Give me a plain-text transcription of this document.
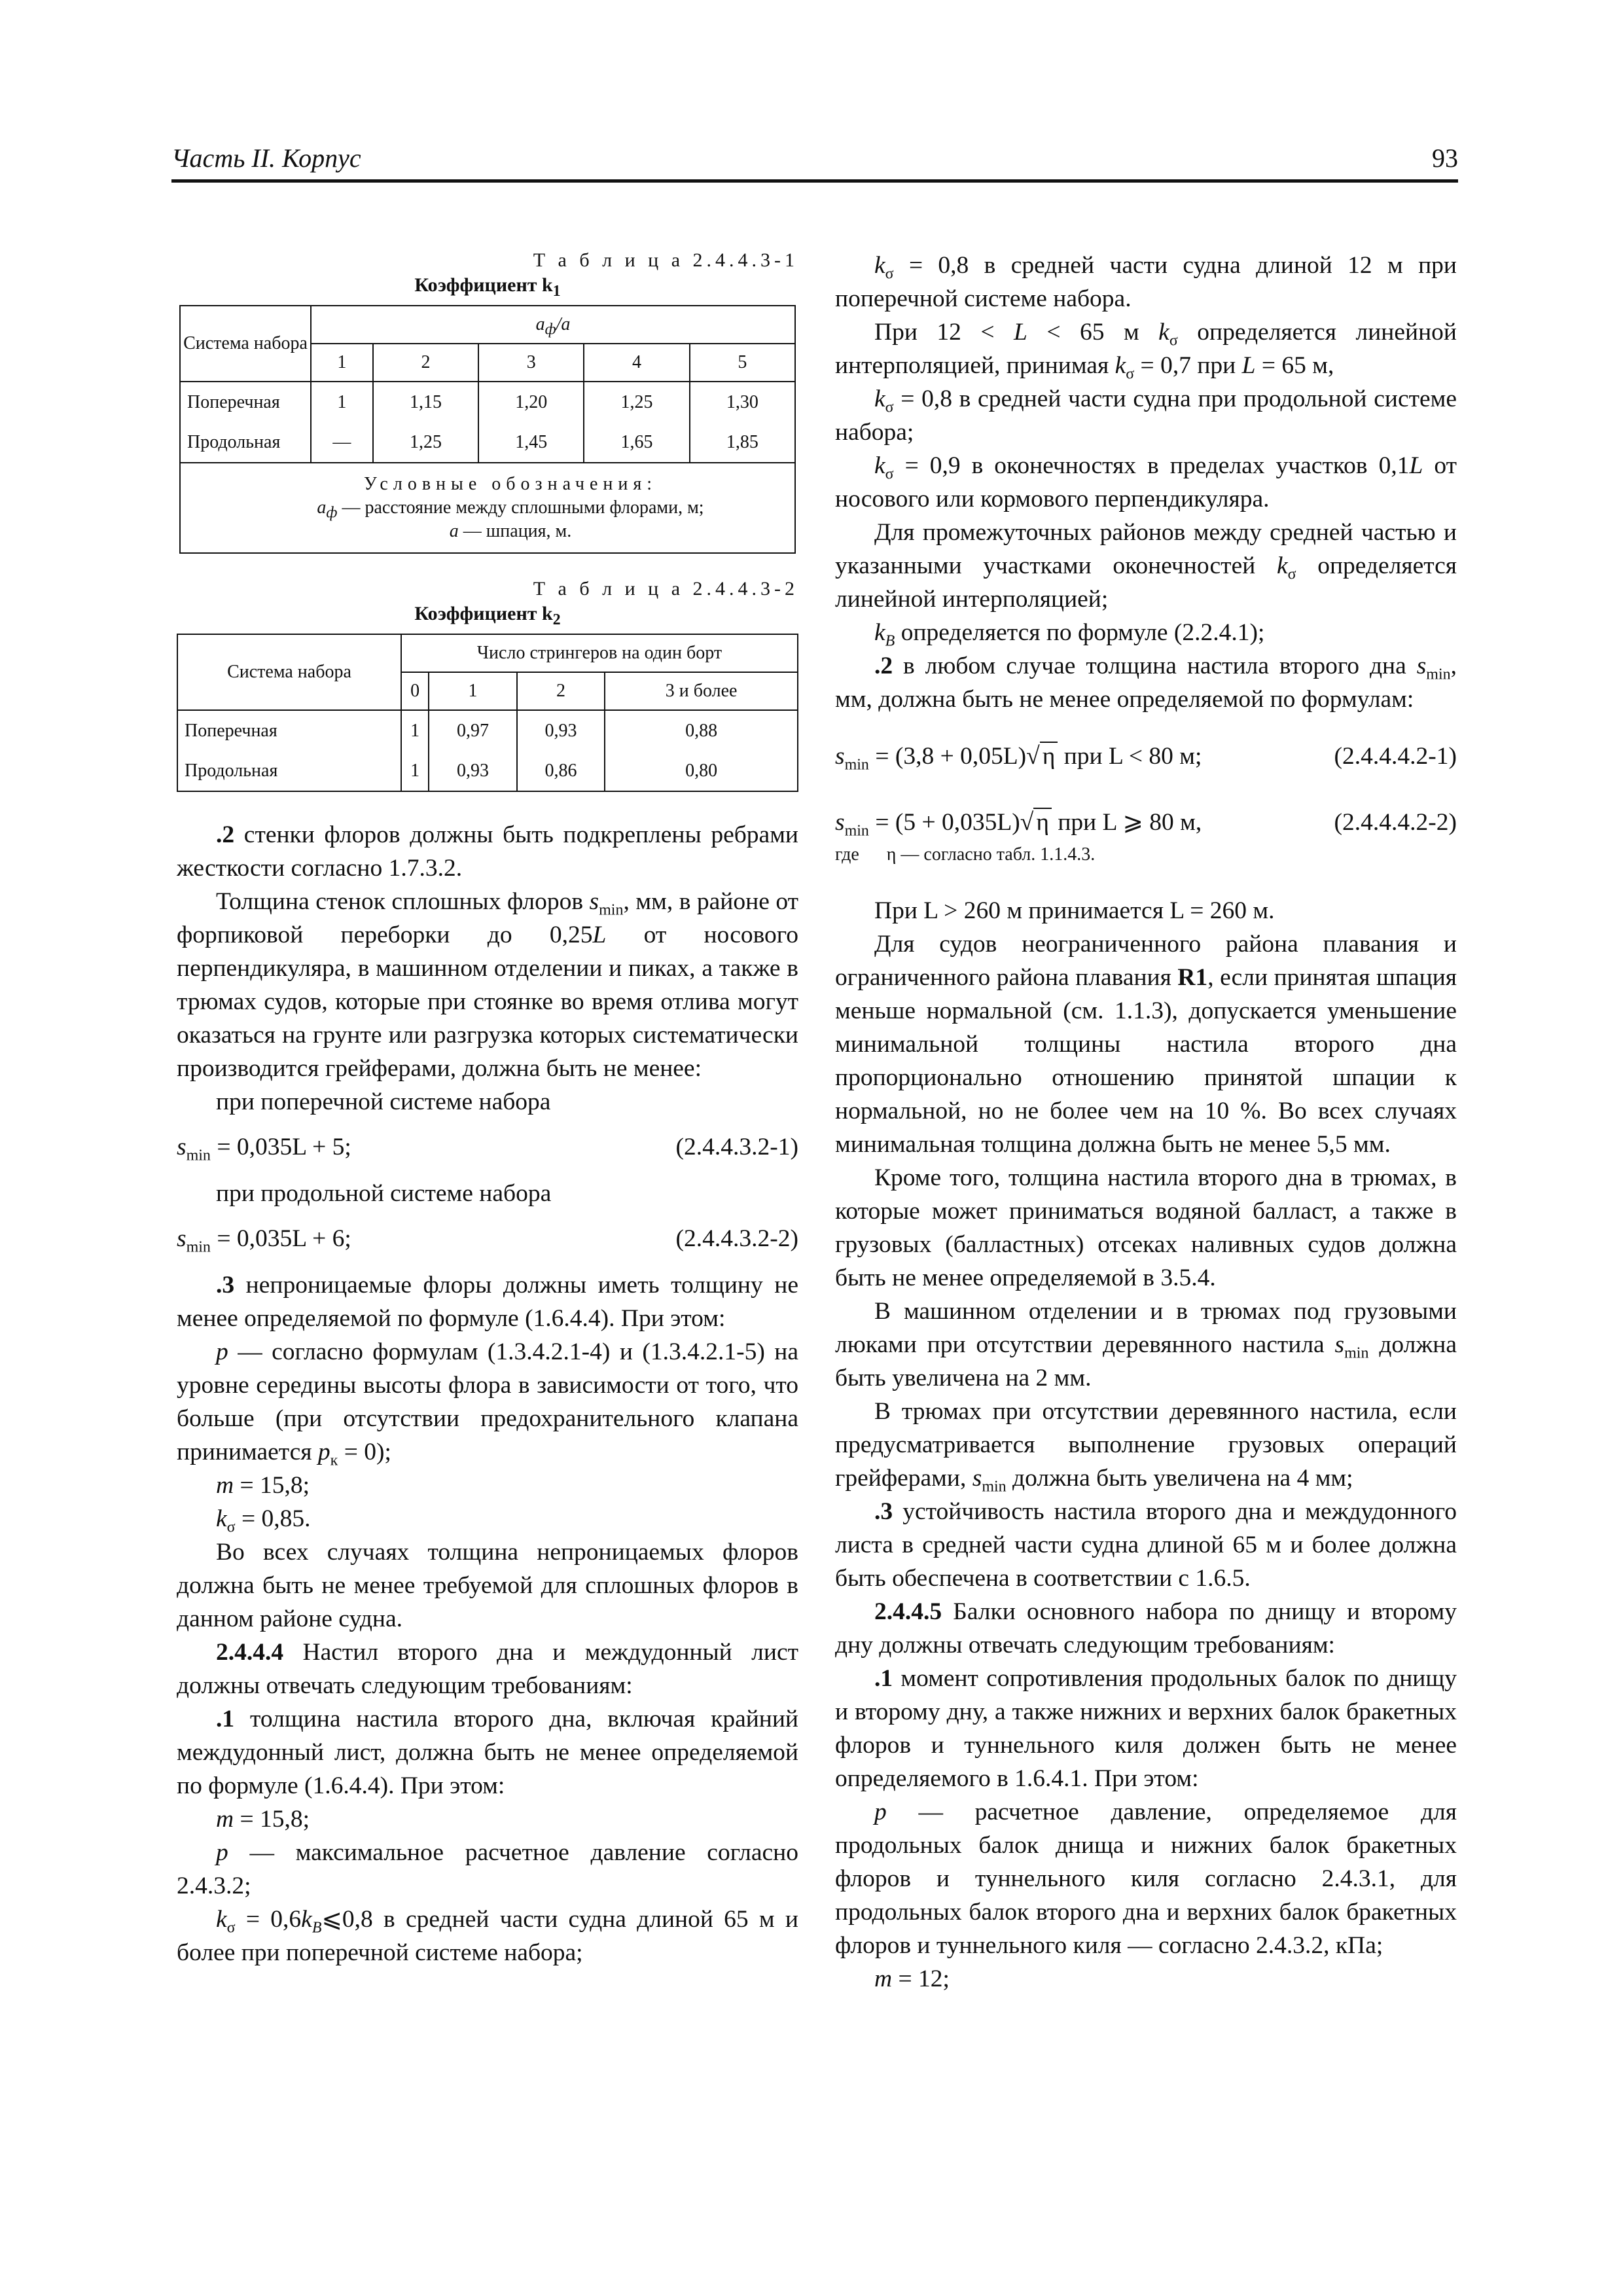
Часть II. Корпус	93
Т а б л и ц а 2.4.4.3-1
Коэффициент $k_1$
Система набора	$a_ф/a$				
	1	2	3	4	5
Поперечная	1	1,15	1,20	1,25	1,30
Продольная	—	1,25	1,45	1,65	1,85

Условные обозначения:
$a_ф$ — расстояние между сплошными флорами, м;
a — шпация, м.					
Т а б л и ц а 2.4.4.3-2
Коэффициент $k_2$
Система набора	Число стрингеров на один борт			
	0	1	2	3 и более
Поперечная	1	0,97	0,93	0,88
Продольная	1	0,93	0,86	0,80

.2 стенки флоров должны быть подкреплены ребрами жесткости согласно 1.7.3.2.

Толщина стенок сплошных флоров $s_{min}$, мм, в районе от форпиковой переборки до 0,25L от носового перпендикуляра, в машинном отделении и пиках, а также в трюмах судов, которые при стоянке во время отлива могут оказаться на грунте или разгрузка которых систематически производится грейферами, должна быть не менее:

при поперечной системе набора

$s_{min} = 0,035L + 5$;	(2.4.4.3.2-1)

при продольной системе набора

$s_{min} = 0,035L + 6$;	(2.4.4.3.2-2)

.3 непроницаемые флоры должны иметь толщину не менее определяемой по формуле (1.6.4.4). При этом:

p — согласно формулам (1.3.4.2.1-4) и (1.3.4.2.1-5) на уровне середины высоты флора в зависимости от того, что больше (при отсутствии предохранительного клапана принимается $p_к = 0$);

m = 15,8;

$k_\sigma = 0,85$.

Во всех случаях толщина непроницаемых флоров должна быть не менее требуемой для сплошных флоров в данном районе судна.

2.4.4.4 Настил второго дна и междудонный лист должны отвечать следующим требованиям:

.1 толщина настила второго дна, включая крайний междудонный лист, должна быть не менее определяемой по формуле (1.6.4.4). При этом:

m = 15,8;

p — максимальное расчетное давление согласно 2.4.3.2;

$k_\sigma$ = $0,6k_B⩽0,8$ в средней части судна длиной 65 м и более при поперечной системе набора;

$k_\sigma = 0,8$ в средней части судна длиной 12 м при поперечной системе набора.

При 12 < L < 65 м $k_\sigma$ определяется линейной интерполяцией, принимая $k_\sigma = 0,7$ при L = 65 м,

$k_\sigma = 0,8$ в средней части судна при продольной системе набора;

$k_\sigma = 0,9$ в оконечностях в пределах участков 0,1L от носового или кормового перпендикуляра.

Для промежуточных районов между средней частью и указанными участками оконечностей $k_\sigma$ определяется линейной интерполяцией;

$k_B$ определяется по формуле (2.2.4.1);

.2 в любом случае толщина настила второго дна $s_{min}$, мм, должна быть не менее определяемой по формулам:

$s_{min} = (3,8 + 0,05L)√$ η при L < 80 м;	(2.4.4.4.2-1)
$s_{min} = (5 + 0,035L)√$ η при L ⩾ 80 м,	(2.4.4.4.2-2)

где η — согласно табл. 1.1.4.3.

При L > 260 м принимается L = 260 м.

Для судов неограниченного района плавания и ограниченного района плавания R1, если принятая шпация меньше нормальной (см. 1.1.3), допускается уменьшение минимальной толщины настила второго дна пропорционально отношению принятой шпации к нормальной, но не более чем на 10 %. Во всех случаях минимальная толщина должна быть не менее 5,5 мм.

Кроме того, толщина настила второго дна в трюмах, в которые может приниматься водяной балласт, а также в грузовых (балластных) отсеках наливных судов должна быть не менее определяемой в 3.5.4.

В машинном отделении и в трюмах под грузовыми люками при отсутствии деревянного настила $s_{min}$ должна быть увеличена на 2 мм.

В трюмах при отсутствии деревянного настила, если предусматривается выполнение грузовых операций грейферами, $s_{min}$ должна быть увеличена на 4 мм;

.3 устойчивость настила второго дна и междудонного листа в средней части судна длиной 65 м и более должна быть обеспечена в соответствии с 1.6.5.

2.4.4.5 Балки основного набора по днищу и второму дну должны отвечать следующим требованиям:

.1 момент сопротивления продольных балок по днищу и второму дну, а также нижних и верхних балок бракетных флоров и туннельного киля должен быть не менее определяемого в 1.6.4.1. При этом:

p — расчетное давление, определяемое для продольных балок днища и нижних балок бракетных флоров и туннельного киля согласно 2.4.3.1, для продольных балок второго дна и верхних балок бракетных флоров и туннельного киля — согласно 2.4.3.2, кПа;

m = 12;
